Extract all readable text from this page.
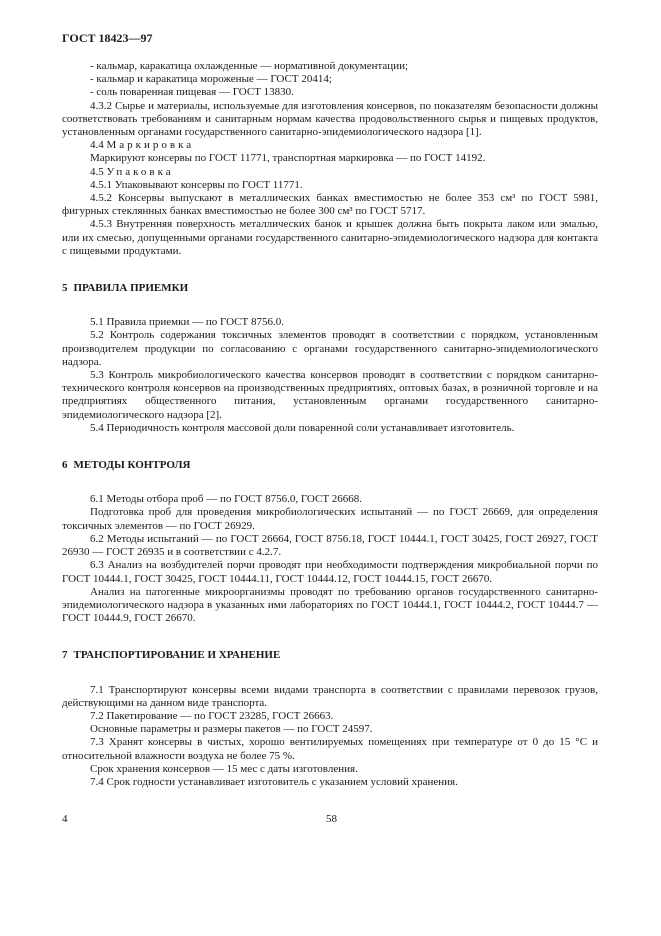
ГОСТ 18423—97

- кальмар, каракатица охлажденные — нормативной документации;

- кальмар и каракатица мороженые — ГОСТ 20414;

- соль поваренная пищевая — ГОСТ 13830.

4.3.2 Сырье и материалы, используемые для изготовления консервов, по показателям безопасности должны соответствовать требованиям и санитарным нормам качества продовольственного сырья и пищевых продуктов, установленным органами государственного санитарно-эпидемиологического надзора [1].

4.4 Маркировка

Маркируют консервы по ГОСТ 11771, транспортная маркировка — по ГОСТ 14192.

4.5 Упаковка

4.5.1 Упаковывают консервы по ГОСТ 11771.

4.5.2 Консервы выпускают в металлических банках вместимостью не более 353 см³ по ГОСТ 5981, фигурных стеклянных банках вместимостью не более 300 см³ по ГОСТ 5717.

4.5.3 Внутренняя поверхность металлических банок и крышек должна быть покрыта лаком или эмалью, или их смесью, допущенными органами государственного санитарно-эпидемиологического надзора для контакта с пищевыми продуктами.

5 ПРАВИЛА ПРИЕМКИ

5.1 Правила приемки — по ГОСТ 8756.0.

5.2 Контроль содержания токсичных элементов проводят в соответствии с порядком, установленным производителем продукции по согласованию с органами государственного санитарно-эпидемиологического надзора.

5.3 Контроль микробиологического качества консервов проводят в соответствии с порядком санитарно-технического контроля консервов на производственных предприятиях, оптовых базах, в розничной торговле и на предприятиях общественного питания, установленным органами государственного санитарно-эпидемиологического надзора [2].

5.4 Периодичность контроля массовой доли поваренной соли устанавливает изготовитель.

6 МЕТОДЫ КОНТРОЛЯ

6.1 Методы отбора проб — по ГОСТ 8756.0, ГОСТ 26668.

Подготовка проб для проведения микробиологических испытаний — по ГОСТ 26669, для определения токсичных элементов — по ГОСТ 26929.

6.2 Методы испытаний — по ГОСТ 26664, ГОСТ 8756.18, ГОСТ 10444.1, ГОСТ 30425, ГОСТ 26927, ГОСТ 26930 — ГОСТ 26935 и в соответствии с 4.2.7.

6.3 Анализ на возбудителей порчи проводят при необходимости подтверждения микробиальной порчи по ГОСТ 10444.1, ГОСТ 30425, ГОСТ 10444.11, ГОСТ 10444.12, ГОСТ 10444.15, ГОСТ 26670.

Анализ на патогенные микроорганизмы проводят по требованию органов государственного санитарно-эпидемиологического надзора в указанных ими лабораториях по ГОСТ 10444.1, ГОСТ 10444.2, ГОСТ 10444.7 — ГОСТ 10444.9, ГОСТ 26670.

7 ТРАНСПОРТИРОВАНИЕ И ХРАНЕНИЕ

7.1 Транспортируют консервы всеми видами транспорта в соответствии с правилами перевозок грузов, действующими на данном виде транспорта.

7.2 Пакетирование — по ГОСТ 23285, ГОСТ 26663.

Основные параметры и размеры пакетов — по ГОСТ 24597.

7.3 Хранят консервы в чистых, хорошо вентилируемых помещениях при температуре от 0 до 15 °С и относительной влажности воздуха не более 75 %.

Срок хранения консервов — 15 мес с даты изготовления.

7.4 Срок годности устанавливает изготовитель с указанием условий хранения.

4	58
